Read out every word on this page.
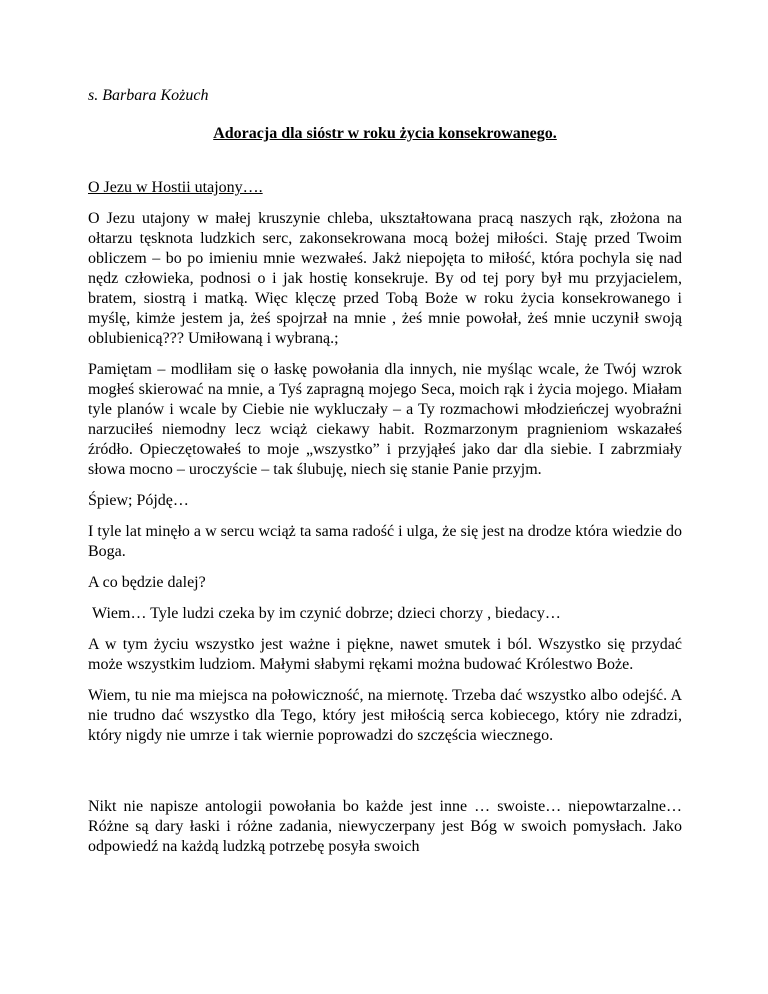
s. Barbara Kożuch
Adoracja dla sióstr w roku życia konsekrowanego.
O Jezu w Hostii utajony….

O Jezu utajony w małej kruszynie chleba, ukształtowana pracą naszych rąk, złożona na ołtarzu tęsknota ludzkich serc, zakonsekrowana mocą bożej miłości. Staję przed Twoim obliczem – bo po imieniu mnie wezwałeś. Jakż niepojęta to miłość, która pochyla się nad nędz człowieka, podnosi o i jak hostię konsekruje. By od tej pory był mu przyjacielem, bratem, siostrą i matką. Więc klęczę przed Tobą Boże w roku życia konsekrowanego i myślę, kimże jestem ja, żeś spojrzał na mnie , żeś mnie powołał, żeś mnie uczynił swoją oblubienicą??? Umiłowaną i wybraną.;

Pamiętam – modliłam się o łaskę powołania dla innych, nie myśląc wcale, że Twój wzrok mogłeś skierować na mnie, a Tyś zapragną mojego Seca, moich rąk i życia mojego. Miałam tyle planów i wcale by Ciebie nie wykluczały – a Ty rozmachowi młodzieńczej wyobraźni narzuciłeś niemodny lecz wciąż ciekawy habit. Rozmarzonym pragnieniom wskazałeś źródło. Opieczętowałeś to moje „wszystko” i przyjąłeś jako dar dla siebie. I zabrzmiały słowa mocno – uroczyście – tak ślubuję, niech się stanie Panie przyjm.

Śpiew; Pójdę…

I tyle lat minęło a w sercu wciąż ta sama radość i ulga, że się jest na drodze która wiedzie do Boga.

A co będzie dalej?

Wiem… Tyle ludzi czeka by im czynić dobrze; dzieci chorzy , biedacy…

A w tym życiu wszystko jest ważne i piękne, nawet smutek i ból. Wszystko się przydać może wszystkim ludziom. Małymi słabymi rękami można budować Królestwo Boże.

Wiem, tu nie ma miejsca na połowiczność, na miernotę. Trzeba dać wszystko albo odejść. A nie trudno dać wszystko dla Tego, który jest miłością serca kobiecego, który nie zdradzi, który nigdy nie umrze i tak wiernie poprowadzi do szczęścia wiecznego.

Nikt nie napisze antologii powołania bo każde jest inne … swoiste… niepowtarzalne… Różne są dary łaski i różne zadania, niewyczerpany jest Bóg w swoich pomysłach. Jako odpowiedź na każdą ludzką potrzebę posyła swoich
